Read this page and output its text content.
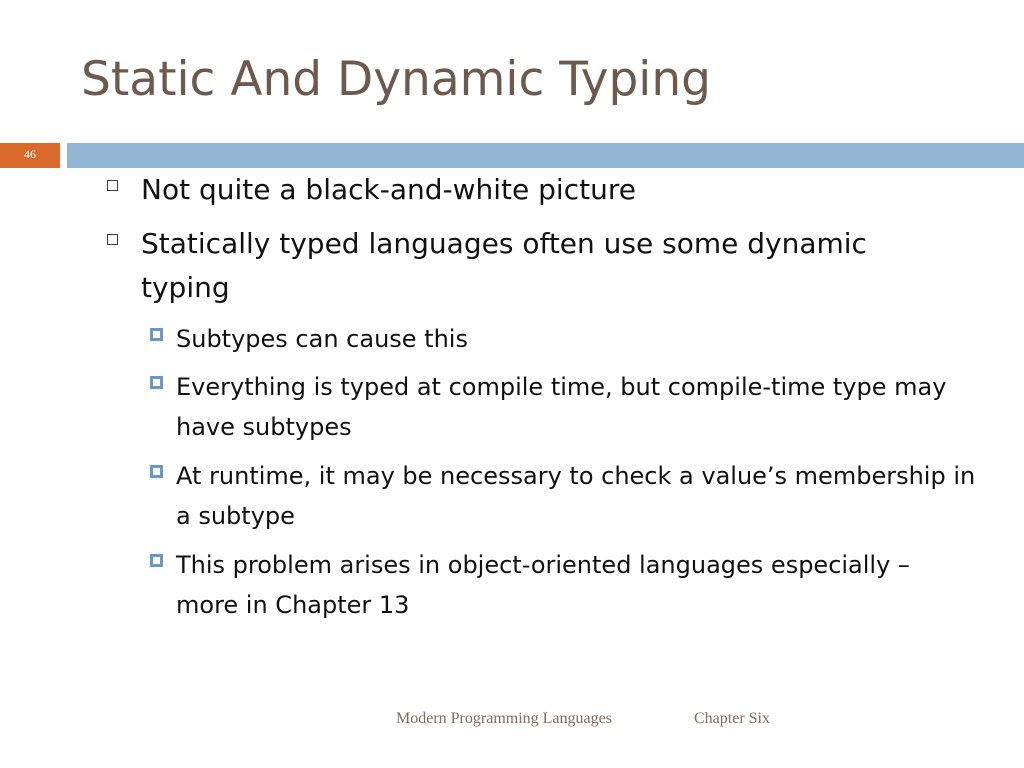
Static And Dynamic Typing
46
Not quite a black-and-white picture
Statically typed languages often use some dynamic typing
Subtypes can cause this
Everything is typed at compile time, but compile-time type may have subtypes
At runtime, it may be necessary to check a value’s membership in a subtype
This problem arises in object-oriented languages especially – more in Chapter 13
Modern Programming Languages	Chapter Six
